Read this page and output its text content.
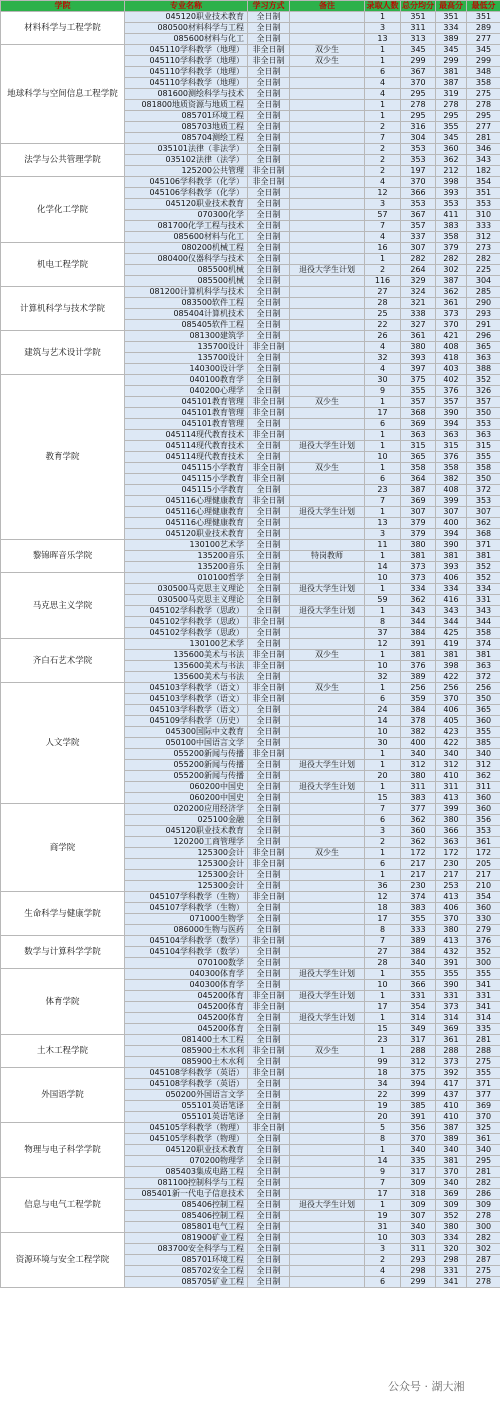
学院	专业名称	学习方式	备注	录取人数	总分均分	最高分	最低分
材料科学与工程学院	045120职业技术教育	全日制		1	351	351	351
	080500材料科学与工程	全日制		3	311	334	289
	085600材料与化工	全日制		13	313	389	277
地球科学与空间信息工程学院	045110学科教学（地理）	非全日制	双少生	1	345	345	345
	045110学科教学（地理）	非全日制	双少生	1	299	299	299
	045110学科教学（地理）	全日制		6	367	381	348
	045110学科教学（地理）	全日制		4	370	387	358
	081600测绘科学与技术	全日制		4	295	319	275
	081800地质资源与地质工程	全日制		1	278	278	278
	085701环境工程	全日制		1	295	295	295
	085703地质工程	全日制		2	316	355	277
	085704测绘工程	全日制		7	304	345	281
法学与公共管理学院	035101法律（非法学）	全日制		2	353	360	346
	035102法律（法学）	全日制		2	353	362	343
	125200公共管理	非全日制		2	197	212	182
化学化工学院	045106学科教学（化学）	非全日制		4	370	398	354
	045106学科教学（化学）	全日制		12	366	393	351
	045120职业技术教育	全日制		3	353	353	353
	070300化学	全日制		57	367	411	310
	081700化学工程与技术	全日制		7	357	383	333
	085600材料与化工	全日制		4	337	358	312
机电工程学院	080200机械工程	全日制		16	307	379	273
	080400仪器科学与技术	全日制		1	282	282	282
	085500机械	全日制	退役大学生计划	2	264	302	225
	085500机械	全日制		116	329	387	304
计算机科学与技术学院	081200计算机科学与技术	全日制		27	324	362	285
	083500软件工程	全日制		28	321	361	290
	085404计算机技术	全日制		25	338	373	293
	085405软件工程	全日制		22	327	370	291
建筑与艺术设计学院	081300建筑学	全日制		26	361	421	296
	135700设计	非全日制		4	380	408	365
	135700设计	全日制		32	393	418	363
	140300设计学	全日制		4	397	403	388
教育学院	040100教育学	全日制		30	375	402	352
	040200心理学	全日制		9	355	376	326
	045101教育管理	非全日制	双少生	1	357	357	357
	045101教育管理	非全日制		17	368	390	350
	045101教育管理	全日制		6	369	394	353
	045114现代教育技术	非全日制		1	363	363	363
	045114现代教育技术	全日制	退役大学生计划	1	315	315	315
	045114现代教育技术	全日制		10	365	376	355
	045115小学教育	非全日制	双少生	1	358	358	358
	045115小学教育	非全日制		6	364	382	350
	045115小学教育	全日制		23	387	408	372
	045116心理健康教育	非全日制		7	369	399	353
	045116心理健康教育	全日制	退役大学生计划	1	307	307	307
	045116心理健康教育	全日制		13	379	400	362
	045120职业技术教育	全日制		3	379	394	368
黎锦晖音乐学院	130100艺术学	全日制		11	380	390	371
	135200音乐	全日制	特岗教师	1	381	381	381
	135200音乐	全日制		14	373	393	352
马克思主义学院	010100哲学	全日制		10	373	406	352
	030500马克思主义理论	全日制	退役大学生计划	1	334	334	334
	030500马克思主义理论	全日制		59	362	416	331
	045102学科教学（思政）	全日制	退役大学生计划	1	343	343	343
	045102学科教学（思政）	非全日制		8	344	344	344
	045102学科教学（思政）	全日制		37	384	425	358
齐白石艺术学院	130100艺术学	全日制		12	391	419	374
	135600美术与书法	非全日制	双少生	1	381	381	381
	135600美术与书法	非全日制		10	376	398	363
	135600美术与书法	全日制		32	389	422	372
人文学院	045103学科教学（语文）	非全日制	双少生	1	256	256	256
	045103学科教学（语文）	非全日制		6	359	370	350
	045103学科教学（语文）	全日制		24	384	406	365
	045109学科教学（历史）	全日制		14	378	405	360
	045300国际中文教育	全日制		10	382	423	355
	050100中国语言文学	全日制		30	400	422	385
	055200新闻与传播	非全日制		1	340	340	340
	055200新闻与传播	全日制	退役大学生计划	1	312	312	312
	055200新闻与传播	全日制		20	380	410	362
	060200中国史	全日制	退役大学生计划	1	311	311	311
	060200中国史	全日制		15	383	413	360
商学院	020200应用经济学	全日制		7	377	399	360
	025100金融	全日制		6	362	380	356
	045120职业技术教育	全日制		3	360	366	353
	120200工商管理学	全日制		2	362	363	361
	125300会计	非全日制	双少生	1	172	172	172
	125300会计	非全日制		6	217	230	205
	125300会计	全日制		1	217	217	217
	125300会计	全日制		36	230	253	210
生命科学与健康学院	045107学科教学（生物）	非全日制		12	374	413	354
	045107学科教学（生物）	全日制		18	383	406	360
	071000生物学	全日制		17	355	370	330
	086000生物与医药	全日制		8	333	380	279
数学与计算科学学院	045104学科教学（数学）	非全日制		7	389	413	376
	045104学科教学（数学）	全日制		27	384	432	352
	070100数学	全日制		28	340	391	300
体育学院	040300体育学	全日制	退役大学生计划	1	355	355	355
	040300体育学	全日制		10	366	390	341
	045200体育	非全日制	退役大学生计划	1	331	331	331
	045200体育	非全日制		17	354	373	341
	045200体育	全日制	退役大学生计划	1	314	314	314
	045200体育	全日制		15	349	369	335
土木工程学院	081400土木工程	全日制		23	317	361	281
	085900土木水利	非全日制	双少生	1	288	288	288
	085900土木水利	全日制		99	312	373	275
外国语学院	045108学科教学（英语）	非全日制		18	375	392	355
	045108学科教学（英语）	全日制		34	394	417	371
	050200外国语言文学	全日制		22	399	437	377
	055101英语笔译	全日制		19	385	410	369
	055101英语笔译	全日制		20	391	410	370
物理与电子科学学院	045105学科教学（物理）	非全日制		5	356	387	325
	045105学科教学（物理）	全日制		8	370	389	361
	045120职业技术教育	全日制		1	340	340	340
	070200物理学	全日制		14	335	381	295
	085403集成电路工程	全日制		9	317	370	281
信息与电气工程学院	081100控制科学与工程	全日制		7	309	340	282
	085401新一代电子信息技术	全日制		17	318	369	286
	085406控制工程	全日制	退役大学生计划	1	309	309	309
	085406控制工程	全日制		19	307	352	278
	085801电气工程	全日制		31	340	380	300
资源环境与安全工程学院	081900矿业工程	全日制		10	303	334	282
	083700安全科学与工程	全日制		3	311	320	302
	085701环境工程	全日制		2	293	298	287
	085702安全工程	全日制		4	298	331	275
	085705矿业工程	全日制		6	299	341	278
公众号 · 湖大湘
